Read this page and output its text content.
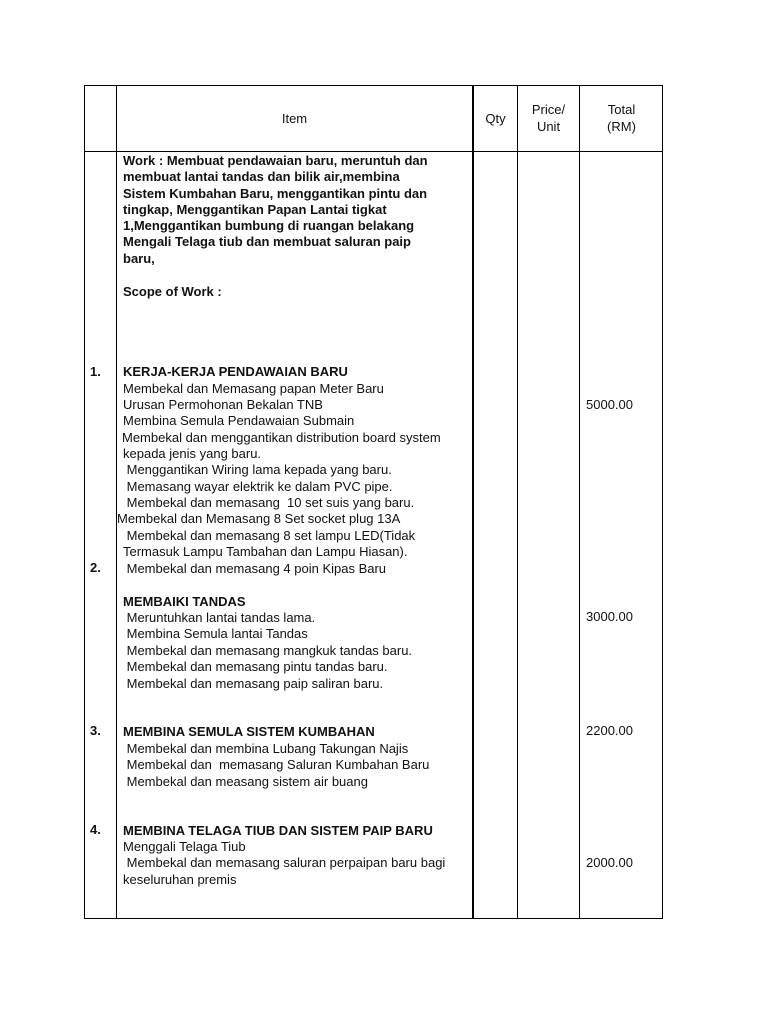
Item	Qty
Price/
Unit
Total
(RM)
Work : Membuat pendawaian baru, meruntuh dan
membuat lantai tandas dan bilik air,membina
Sistem Kumbahan Baru, menggantikan pintu dan
tingkap, Menggantikan Papan Lantai tigkat
1,Menggantikan bumbung di ruangan belakang
Mengali Telaga tiub dan membuat saluran paip
baru,
Scope of Work :
1. KERJA-KERJA PENDAWAIAN BARU
Membekal dan Memasang papan Meter Baru
Urusan Permohonan Bekalan TNB
Membina Semula Pendawaian Submain
Membekal dan menggantikan distribution board system
kepada jenis yang baru.
Menggantikan Wiring lama kepada yang baru.
Memasang wayar elektrik ke dalam PVC pipe.
Membekal dan memasang  10 set suis yang baru.
Membekal dan Memasang 8 Set socket plug 13A
Membekal dan memasang 8 set lampu LED(Tidak
Termasuk Lampu Tambahan dan Lampu Hiasan).
Membekal dan memasang 4 poin Kipas Baru
5000.00
2.
MEMBAIKI TANDAS
Meruntuhkan lantai tandas lama.
Membina Semula lantai Tandas
Membekal dan memasang mangkuk tandas baru.
Membekal dan memasang pintu tandas baru.
Membekal dan memasang paip saliran baru.
3000.00
3. MEMBINA SEMULA SISTEM KUMBAHAN
Membekal dan membina Lubang Takungan Najis
Membekal dan  memasang Saluran Kumbahan Baru
Membekal dan measang sistem air buang
2200.00
4. MEMBINA TELAGA TIUB DAN SISTEM PAIP BARU
Menggali Telaga Tiub
Membekal dan memasang saluran perpaipan baru bagi
keseluruhan premis
2000.00
